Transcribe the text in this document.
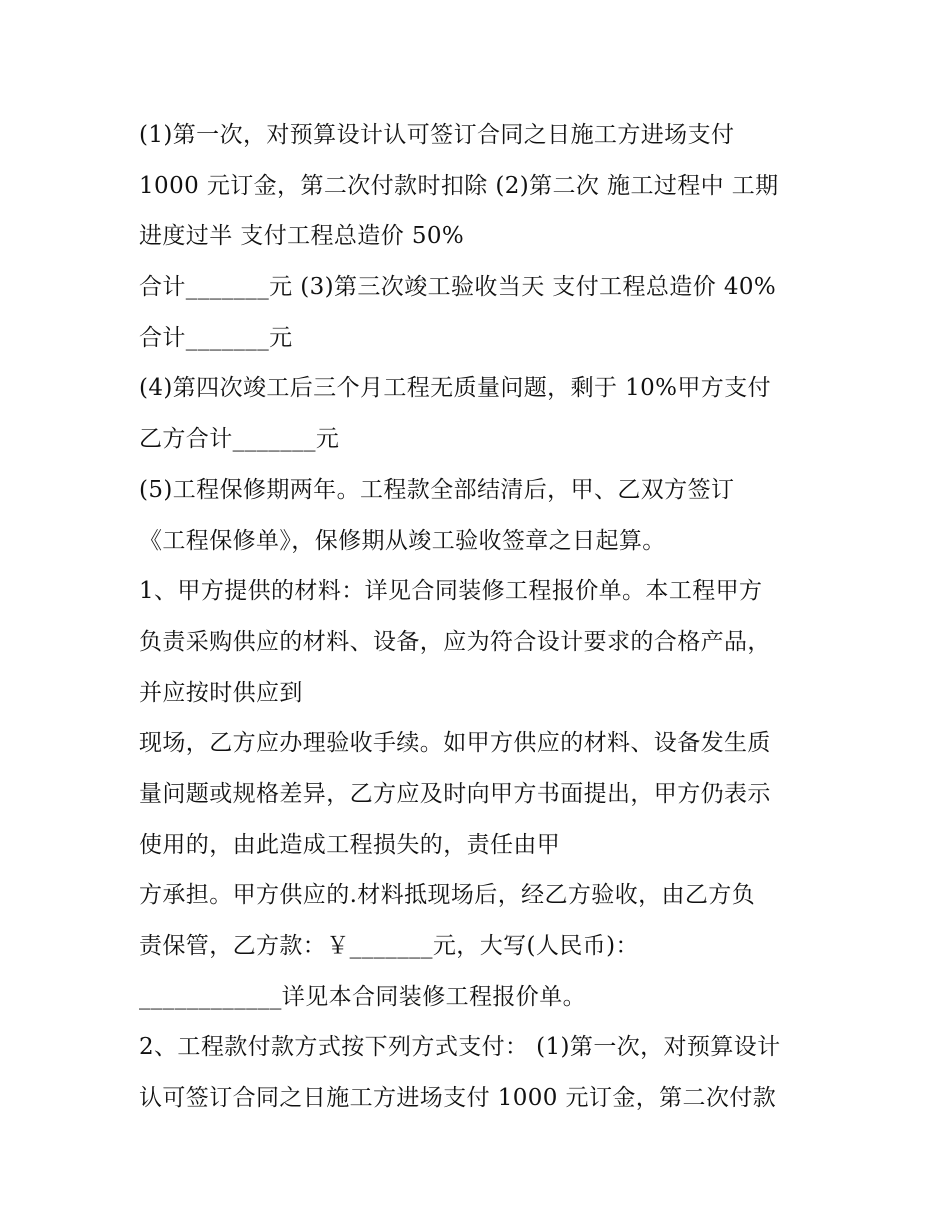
(1)第一次，对预算设计认可签订合同之日施工方进场支付
1000 元订金，第二次付款时扣除 (2)第二次 施工过程中 工期
进度过半 支付工程总造价 50%
合计_______元 (3)第三次竣工验收当天 支付工程总造价 40%
合计_______元
(4)第四次竣工后三个月工程无质量问题，剩于 10%甲方支付
乙方合计_______元
(5)工程保修期两年。工程款全部结清后，甲、乙双方签订
《工程保修单》，保修期从竣工验收签章之日起算。
1、甲方提供的材料：详见合同装修工程报价单。本工程甲方
负责采购供应的材料、设备，应为符合设计要求的合格产品，
并应按时供应到
现场，乙方应办理验收手续。如甲方供应的材料、设备发生质
量问题或规格差异，乙方应及时向甲方书面提出，甲方仍表示
使用的，由此造成工程损失的，责任由甲
方承担。甲方供应的.材料抵现场后，经乙方验收，由乙方负
责保管，乙方款：￥_______元，大写(人民币)：
____________详见本合同装修工程报价单。
2、工程款付款方式按下列方式支付： (1)第一次，对预算设计
认可签订合同之日施工方进场支付 1000 元订金，第二次付款
